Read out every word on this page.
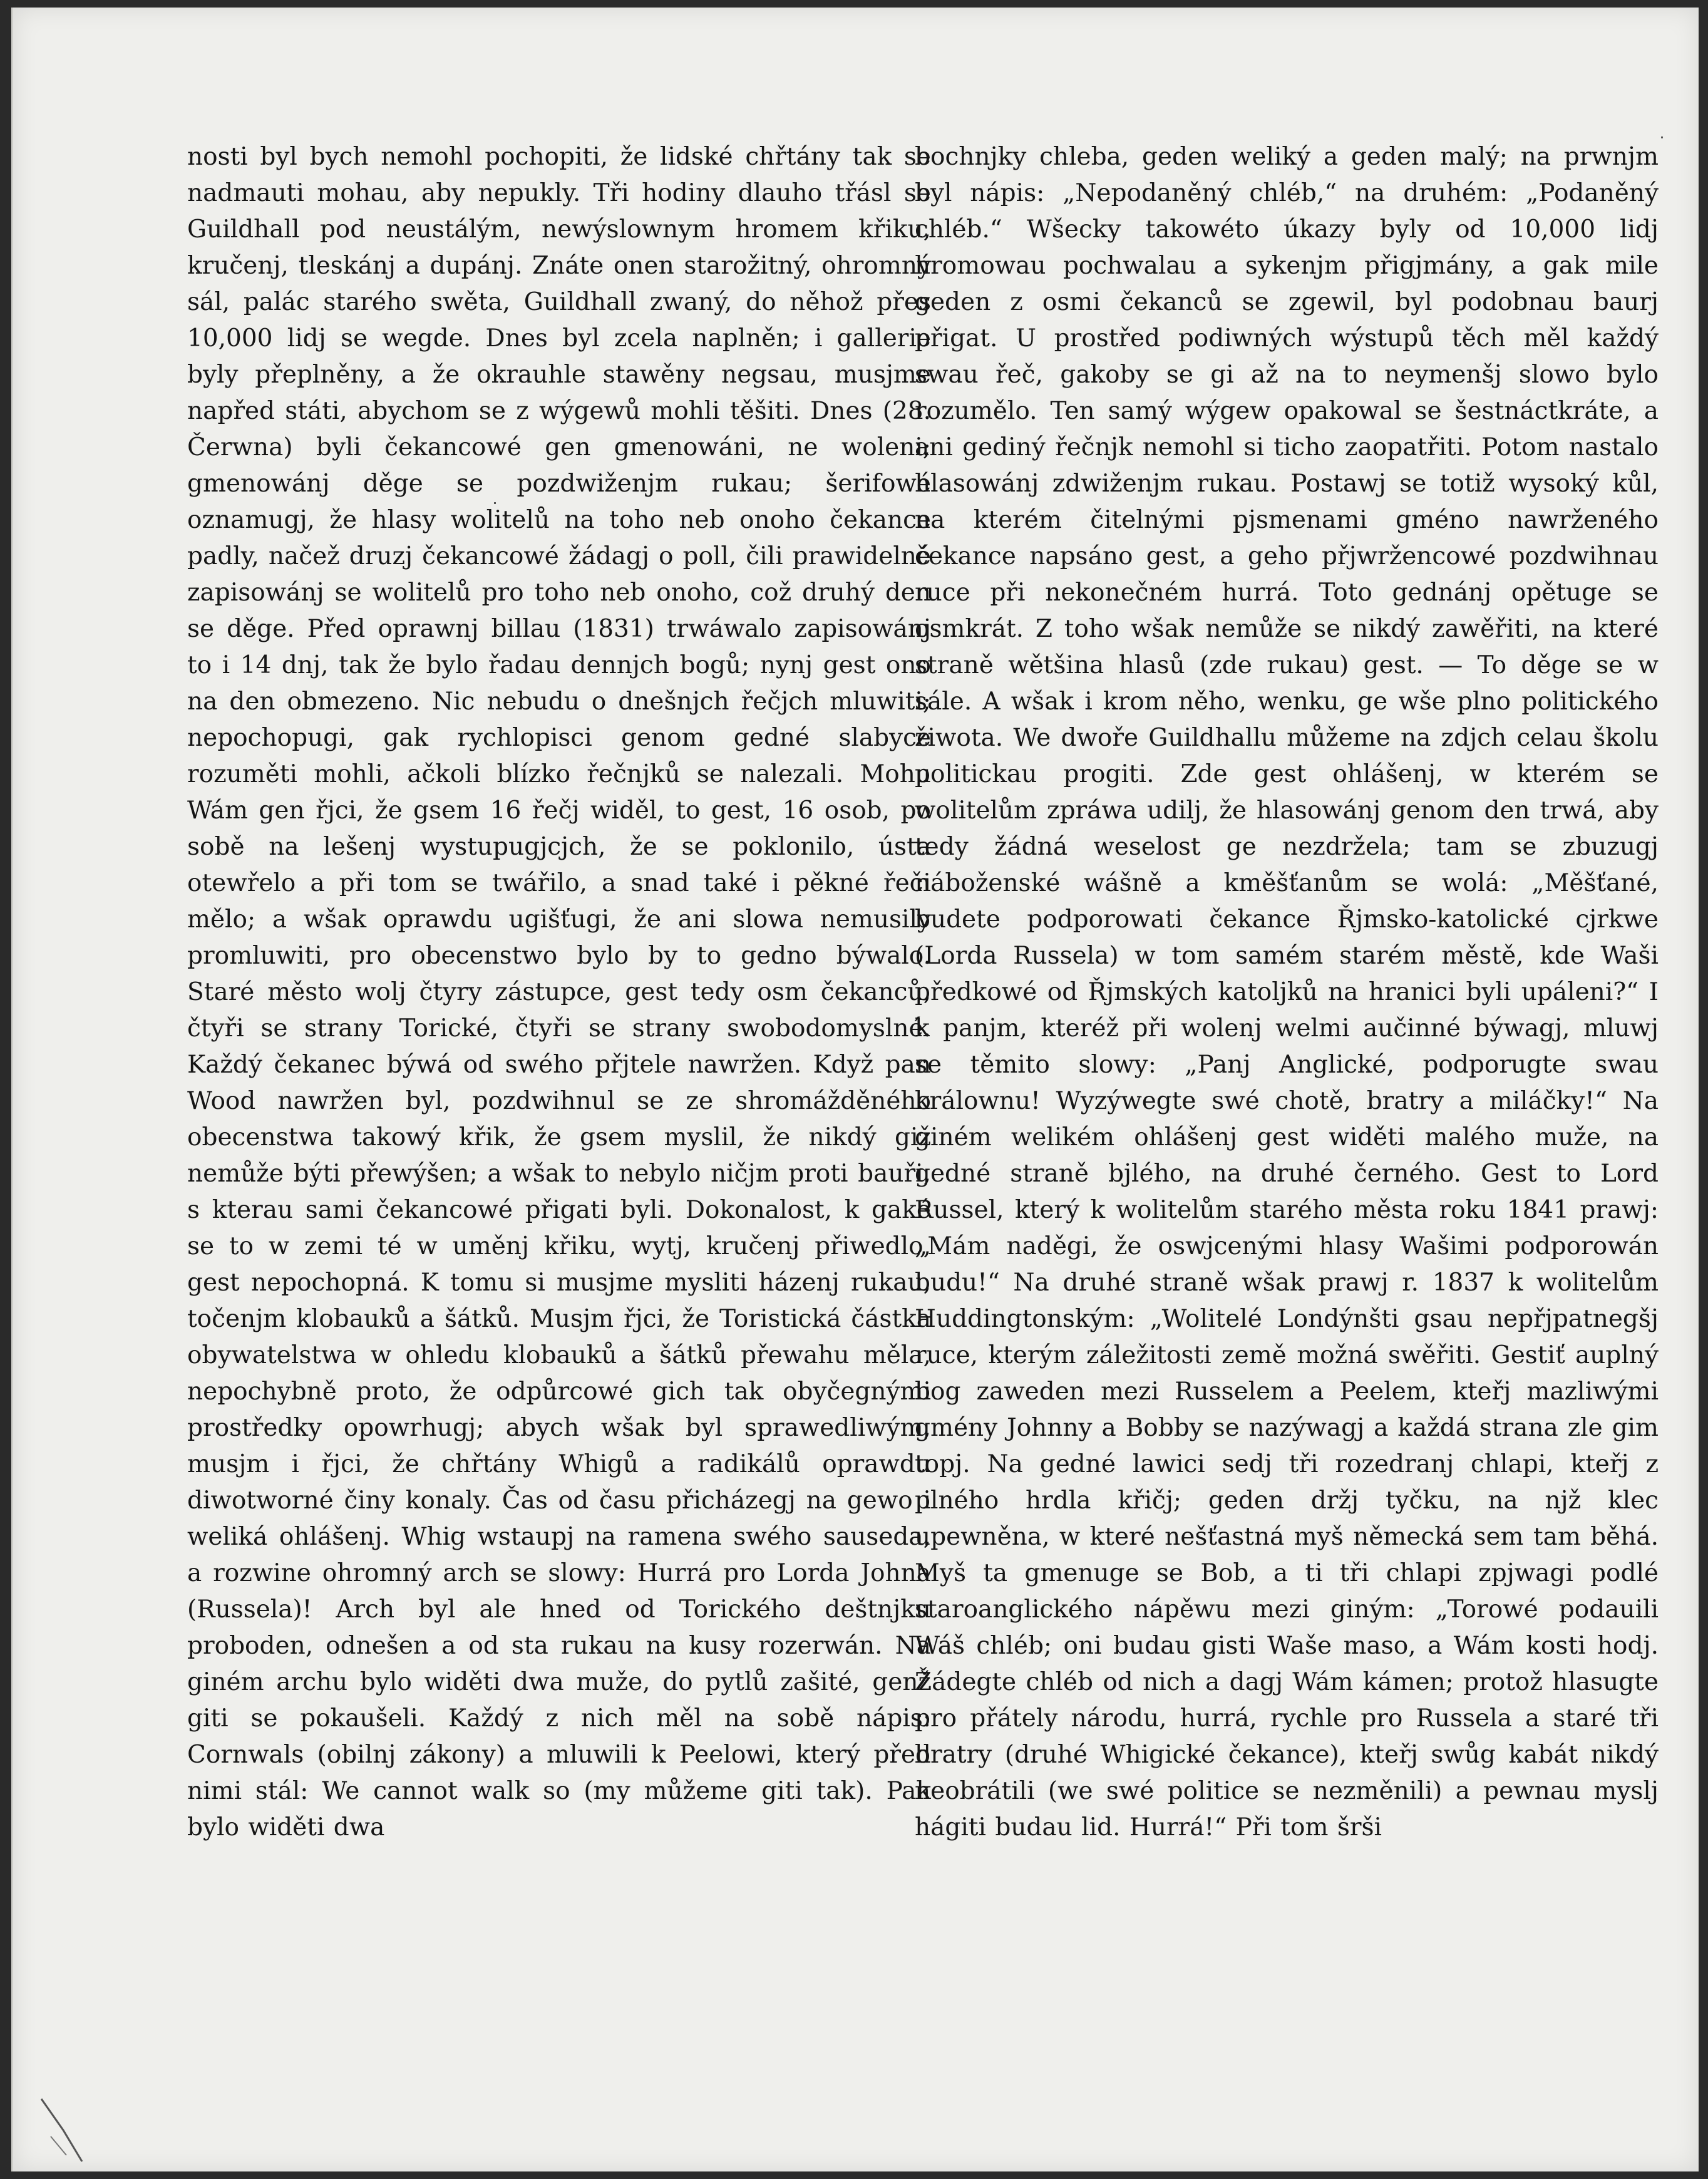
nosti byl bych nemohl pochopiti, že lidské chřtány tak se nadmauti mohau, aby nepukly. Tři hodiny dlauho třásl se Guildhall pod neustálým, newýslownym hromem křiku, kručenj, tleskánj a dupánj. Znáte onen starožitný, ohromný sál, palác starého swěta, Guildhall zwaný, do něhož přes 10,000 lidj se wegde. Dnes byl zcela naplněn; i gallerie byly přeplněny, a že okrauhle stawěny negsau, musjme napřed státi, abychom se z wýgewů mohli těšiti. Dnes (28. Čerwna) byli čekancowé gen gmenowáni, ne woleni; gmenowánj děge se pozdwiženjm rukau; šerifowé oznamugj, že hlasy wolitelů na toho neb onoho čekance padly, načež druzj čekancowé žádagj o poll, čili prawidelné zapisowánj se wolitelů pro toho neb onoho, což druhý den se děge. Před oprawnj billau (1831) trwáwalo zapisowánj to i 14 dnj, tak že bylo řadau dennjch bogů; nynj gest ono na den obmezeno. Nic nebudu o dnešnjch řečjch mluwiti; nepochopugi, gak rychlopisci genom gedné slabyce rozuměti mohli, ačkoli blízko řečnjků se nalezali. Mohu Wám gen řjci, že gsem 16 řečj widěl, to gest, 16 osob, po sobě na lešenj wystupugjcjch, že se poklonilo, ústa otewřelo a při tom se twářilo, a snad také i pěkné řeči mělo; a wšak oprawdu ugišťugi, že ani slowa nemusily promluwiti, pro obecenstwo bylo by to gedno býwalo. Staré město wolj čtyry zástupce, gest tedy osm čekanců, čtyři se strany Torické, čtyři se strany swobodomyslné. Každý čekanec býwá od swého přjtele nawržen. Když pan Wood nawržen byl, pozdwihnul se ze shromážděného obecenstwa takowý křik, že gsem myslil, že nikdý giž nemůže býti přewýšen; a wšak to nebylo ničjm proti bauři, s kterau sami čekancowé přigati byli. Dokonalost, k gaké se to w zemi té w uměnj křiku, wytj, kručenj přiwedlo, gest nepochopná. K tomu si musjme mysliti házenj rukau, točenjm klobauků a šátků. Musjm řjci, že Toristická částka obywatelstwa w ohledu klobauků a šátků přewahu měla, nepochybně proto, že odpůrcowé gich tak obyčegnými prostředky opowrhugj; abych wšak byl sprawedliwým, musjm i řjci, že chřtány Whigů a radikálů oprawdu diwotworné činy konaly. Čas od času přicházegj na gewo i weliká ohlášenj. Whig wstaupj na ramena swého sauseda, a rozwine ohromný arch se slowy: Hurrá pro Lorda Johna (Russela)! Arch byl ale hned od Torického deštnjku proboden, odnešen a od sta rukau na kusy rozerwán. Na giném archu bylo widěti dwa muže, do pytlů zašité, genž giti se pokaušeli. Každý z nich měl na sobě nápis: Cornwals (obilnj zákony) a mluwili k Peelowi, který před nimi stál: We cannot walk so (my můžeme giti tak). Pak bylo widěti dwa

bochnjky chleba, geden weliký a geden malý; na prwnjm byl nápis: „Nepodaněný chléb,“ na druhém: „Podaněný chléb.“ Wšecky takowéto úkazy byly od 10,000 lidj hromowau pochwalau a sykenjm přigjmány, a gak mile geden z osmi čekanců se zgewil, byl podobnau baurj přigat. U prostřed podiwných wýstupů těch měl každý swau řeč, gakoby se gi až na to neymenšj slowo bylo rozumělo. Ten samý wýgew opakowal se šestnáctkráte, a ani gediný řečnjk nemohl si ticho zaopatřiti. Potom nastalo hlasowánj zdwiženjm rukau. Postawj se totiž wysoký kůl, na kterém čitelnými pjsmenami gméno nawrženého čekance napsáno gest, a geho přjwržencowé pozdwihnau ruce při nekonečném hurrá. Toto gednánj opětuge se osmkrát. Z toho wšak nemůže se nikdý zawěřiti, na které straně wětšina hlasů (zde rukau) gest. — To děge se w sále. A wšak i krom něho, wenku, ge wše plno politického žiwota. We dwoře Guildhallu můžeme na zdjch celau školu politickau progiti. Zde gest ohlášenj, w kterém se wolitelům zpráwa udilj, že hlasowánj genom den trwá, aby tedy žádná weselost ge nezdržela; tam se zbuzugj náboženské wášně a kměšťanům se wolá: „Měšťané, budete podporowati čekance Řjmsko-katolické cjrkwe (Lorda Russela) w tom samém starém městě, kde Waši předkowé od Řjmských katoljků na hranici byli upáleni?“ I k panjm, kteréž při wolenj welmi aučinné býwagj, mluwj se těmito slowy: „Panj Anglické, podporugte swau králownu! Wyzýwegte swé chotě, bratry a miláčky!“ Na giném welikém ohlášenj gest widěti malého muže, na gedné straně bjlého, na druhé černého. Gest to Lord Russel, který k wolitelům starého města roku 1841 prawj: „Mám naděgi, že oswjcenými hlasy Wašimi podporowán budu!“ Na druhé straně wšak prawj r. 1837 k wolitelům Huddingtonským: „Wolitelé Londýnšti gsau nepřjpatnegšj ruce, kterým záležitosti země možná swěřiti. Gestiť auplný bog zaweden mezi Russelem a Peelem, kteřj mazliwými gmény Johnny a Bobby se nazýwagj a každá strana zle gim topj. Na gedné lawici sedj tři rozedranj chlapi, kteřj z plného hrdla křičj; geden držj tyčku, na njž klec upewněna, w které nešťastná myš německá sem tam běhá. Myš ta gmenuge se Bob, a ti tři chlapi zpjwagi podlé staroanglického nápěwu mezi giným: „Torowé podauili Wáš chléb; oni budau gisti Waše maso, a Wám kosti hodj. Žádegte chléb od nich a dagj Wám kámen; protož hlasugte pro přátely národu, hurrá, rychle pro Russela a staré tři bratry (druhé Whigické čekance), kteřj swůg kabát nikdý neobrátili (we swé politice se nezměnili) a pewnau myslj hágiti budau lid. Hurrá!“ Při tom šrši
